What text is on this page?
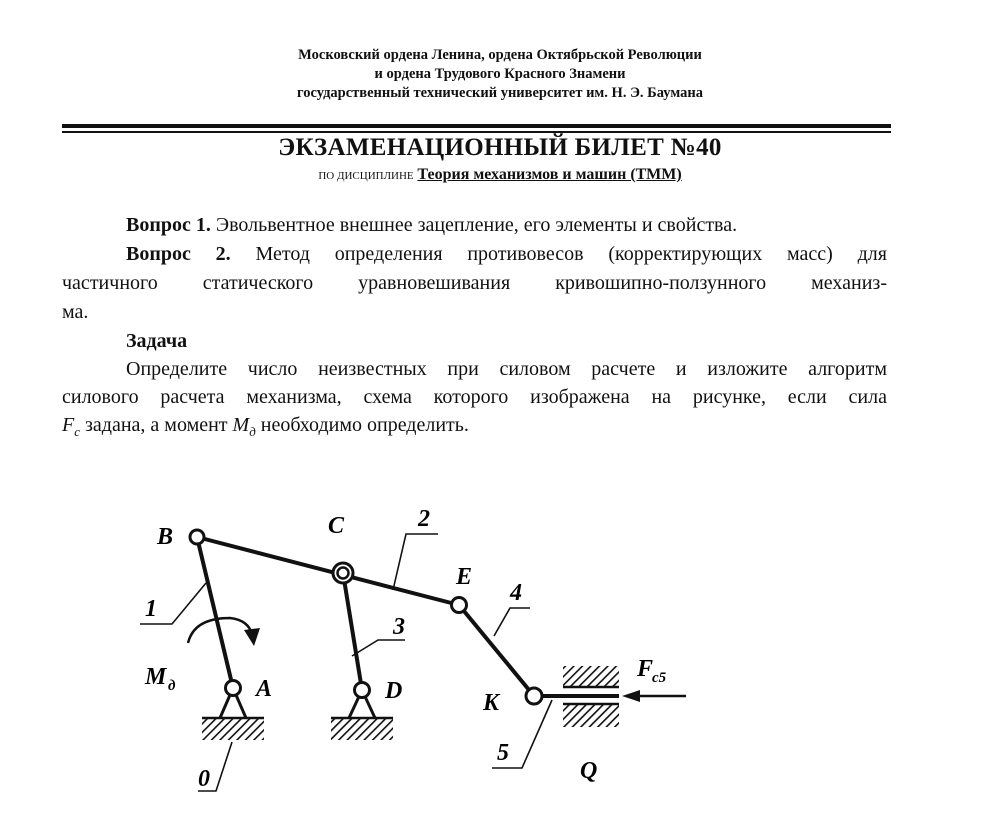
Московский ордена Ленина, ордена Октябрьской Революции
и ордена Трудового Красного Знамени
государственный технический университет им. Н. Э. Баумана
ЭКЗАМЕНАЦИОННЫЙ БИЛЕТ №40
ПО ДИСЦИПЛИНЕ Теория механизмов и машин (ТММ)
Вопрос 1. Эвольвентное внешнее зацепление, его элементы и свойства.
Вопрос 2. Метод определения противовесов (корректирующих масс) для
частичного статического уравновешивания кривошипно-ползунного механиз-
ма.
Задача
Определите число неизвестных при силовом расчете и изложите алгоритм
силового расчета механизма, схема которого изображена на рисунке, если сила
$F_c$ задана, а момент $М_д$ необходимо определить.
B	C
E
A	D	K
Q
1
2
3
4
5
0
M д
F
c5
